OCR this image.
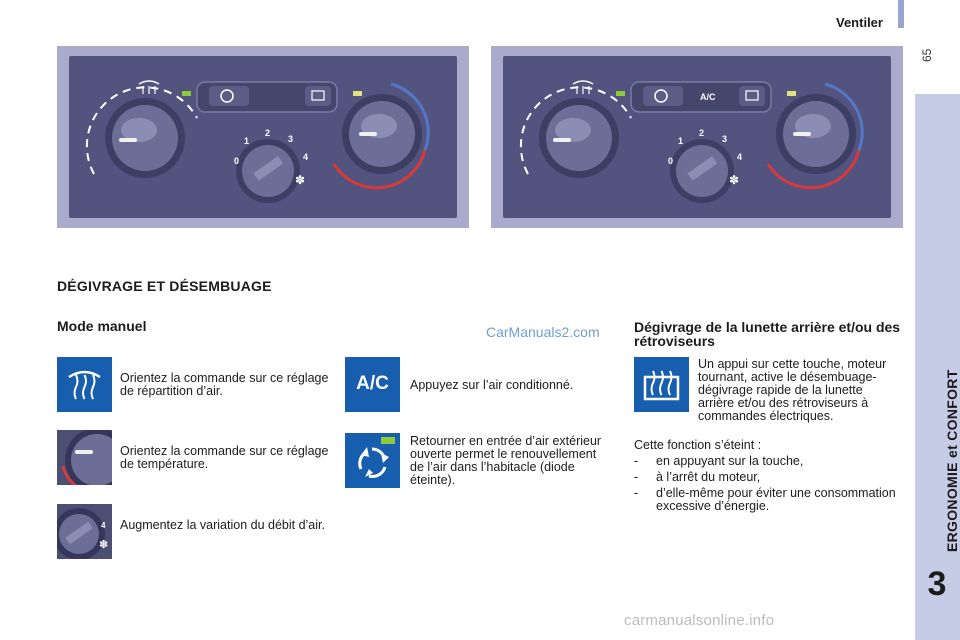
Ventiler
65
ERGONOMIE et CONFORT
3
0
1
2
3
4
✽
A/C
0
1
2
3
4
✽
DÉGIVRAGE ET DÉSEMBUAGE
Mode manuel	CarManuals2.com
Orientez la commande sur ce réglage de répartition d’air.
Orientez la commande sur ce réglage de température.
4
✽
Augmentez la variation du débit d’air.
A/C	Appuyez sur l’air conditionné.
Retourner en entrée d’air extérieur ouverte permet le renouvellement de l’air dans l’habitacle (diode éteinte).
Dégivrage de la lunette arrière et/ou des rétroviseurs
Un appui sur cette touche, moteur tournant, active le désembuage-dégivrage rapide de la lunette arrière et/ou des rétroviseurs à commandes électriques.
Cette fonction s’éteint :
- en appuyant sur la touche,
- à l’arrêt du moteur,
- d’elle-même pour éviter une consommation excessive d’énergie.
carmanualsonline.info
